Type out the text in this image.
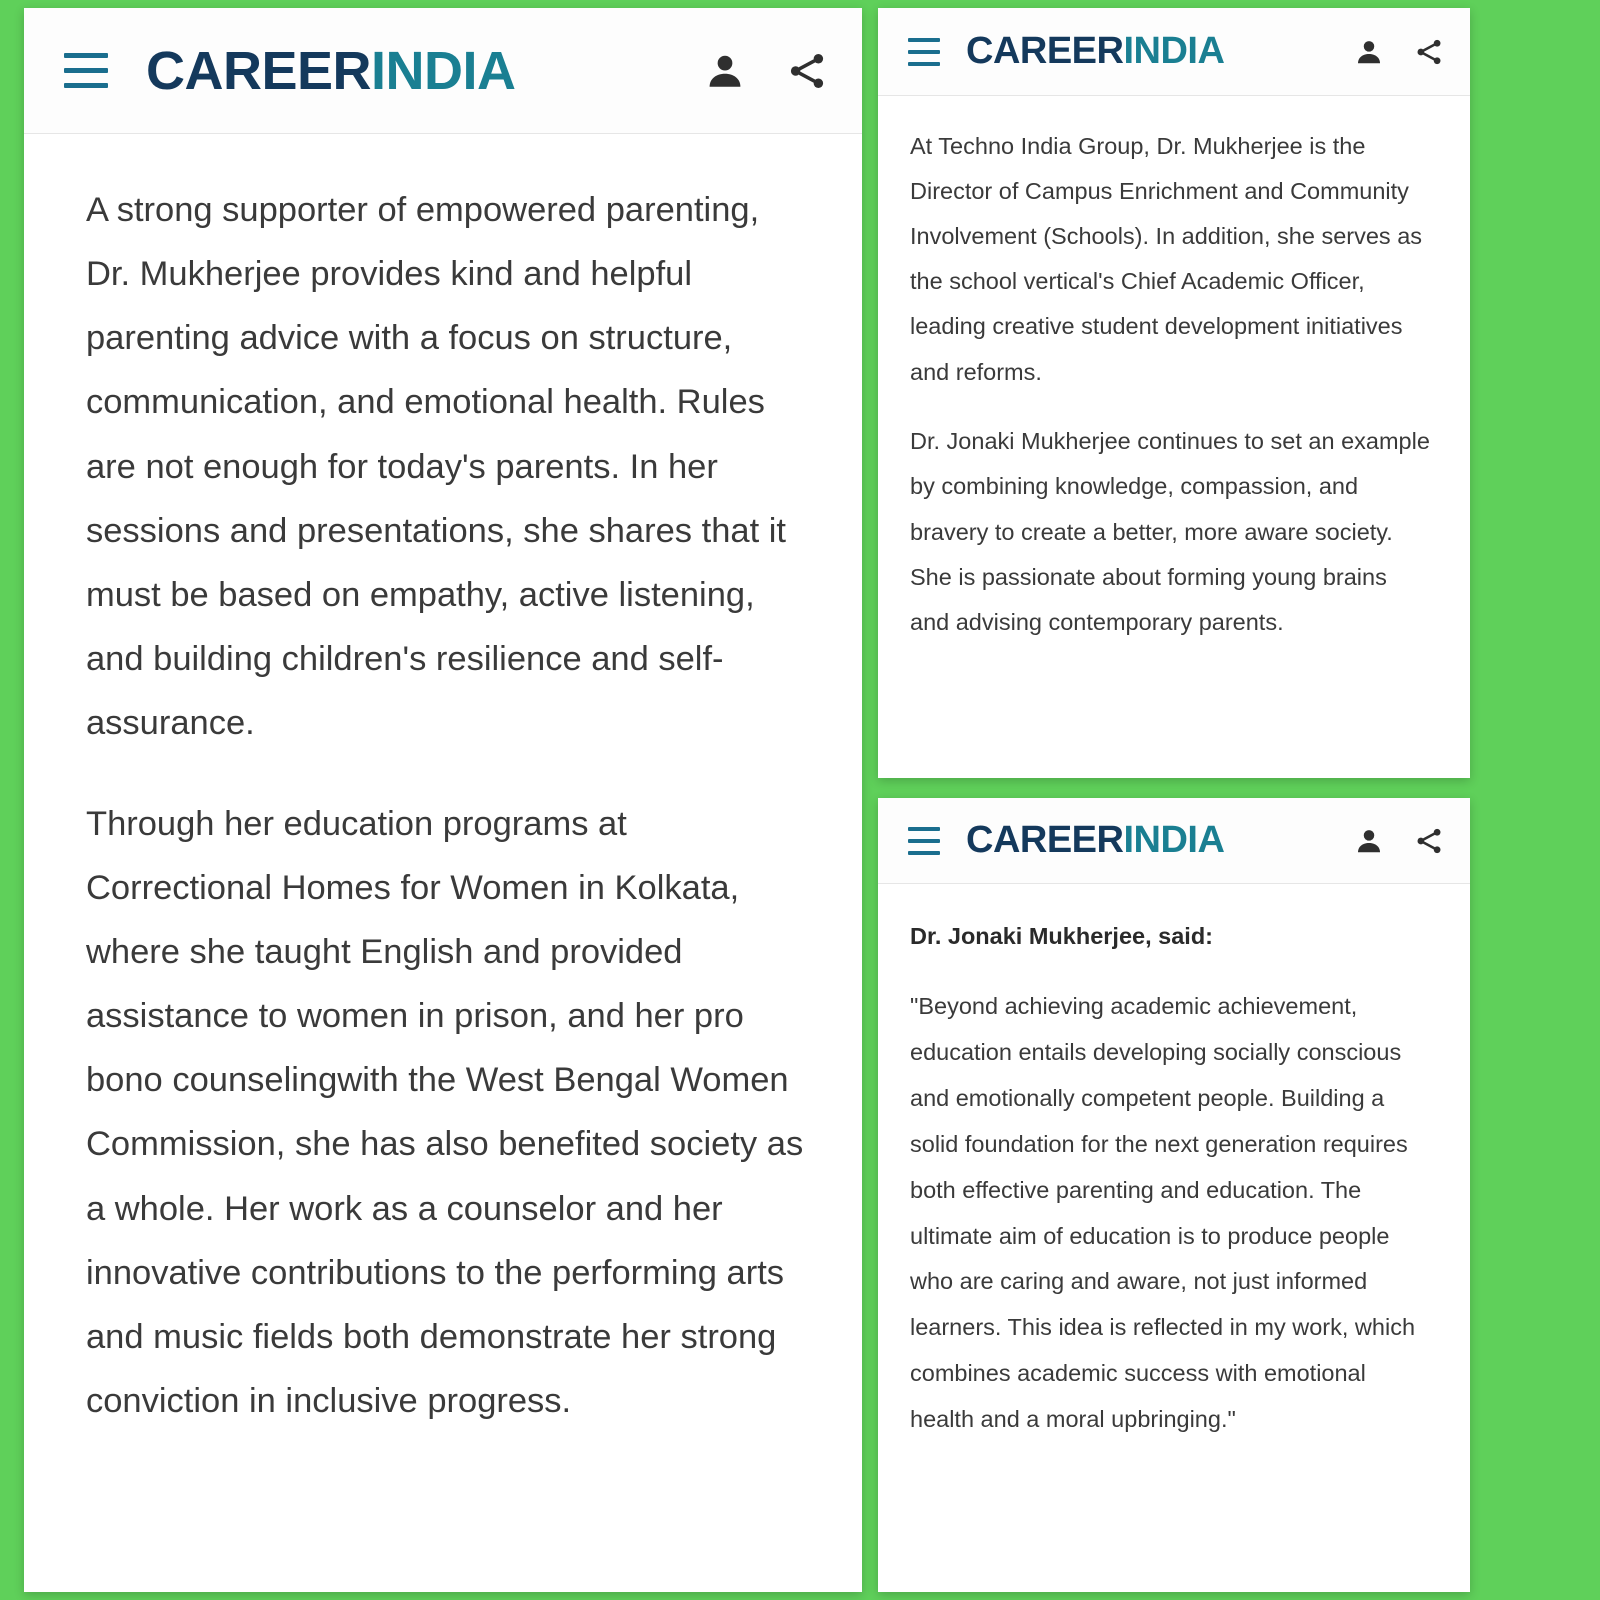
CAREERINDIA

A strong supporter of empowered parenting, Dr. Mukherjee provides kind and helpful parenting advice with a focus on structure, communication, and emotional health. Rules are not enough for today's parents. In her sessions and presentations, she shares that it must be based on empathy, active listening, and building children's resilience and self-assurance.

Through her education programs at Correctional Homes for Women in Kolkata, where she taught English and provided assistance to women in prison, and her pro bono counselingwith the West Bengal Women Commission, she has also benefited society as a whole. Her work as a counselor and her innovative contributions to the performing arts and music fields both demonstrate her strong conviction in inclusive progress.

CAREERINDIA

At Techno India Group, Dr. Mukherjee is the Director of Campus Enrichment and Community Involvement (Schools). In addition, she serves as the school vertical's Chief Academic Officer, leading creative student development initiatives and reforms.

Dr. Jonaki Mukherjee continues to set an example by combining knowledge, compassion, and bravery to create a better, more aware society. She is passionate about forming young brains and advising contemporary parents.

CAREERINDIA

Dr. Jonaki Mukherjee, said:

"Beyond achieving academic achievement, education entails developing socially conscious and emotionally competent people. Building a solid foundation for the next generation requires both effective parenting and education. The ultimate aim of education is to produce people who are caring and aware, not just informed learners. This idea is reflected in my work, which combines academic success with emotional health and a moral upbringing."
